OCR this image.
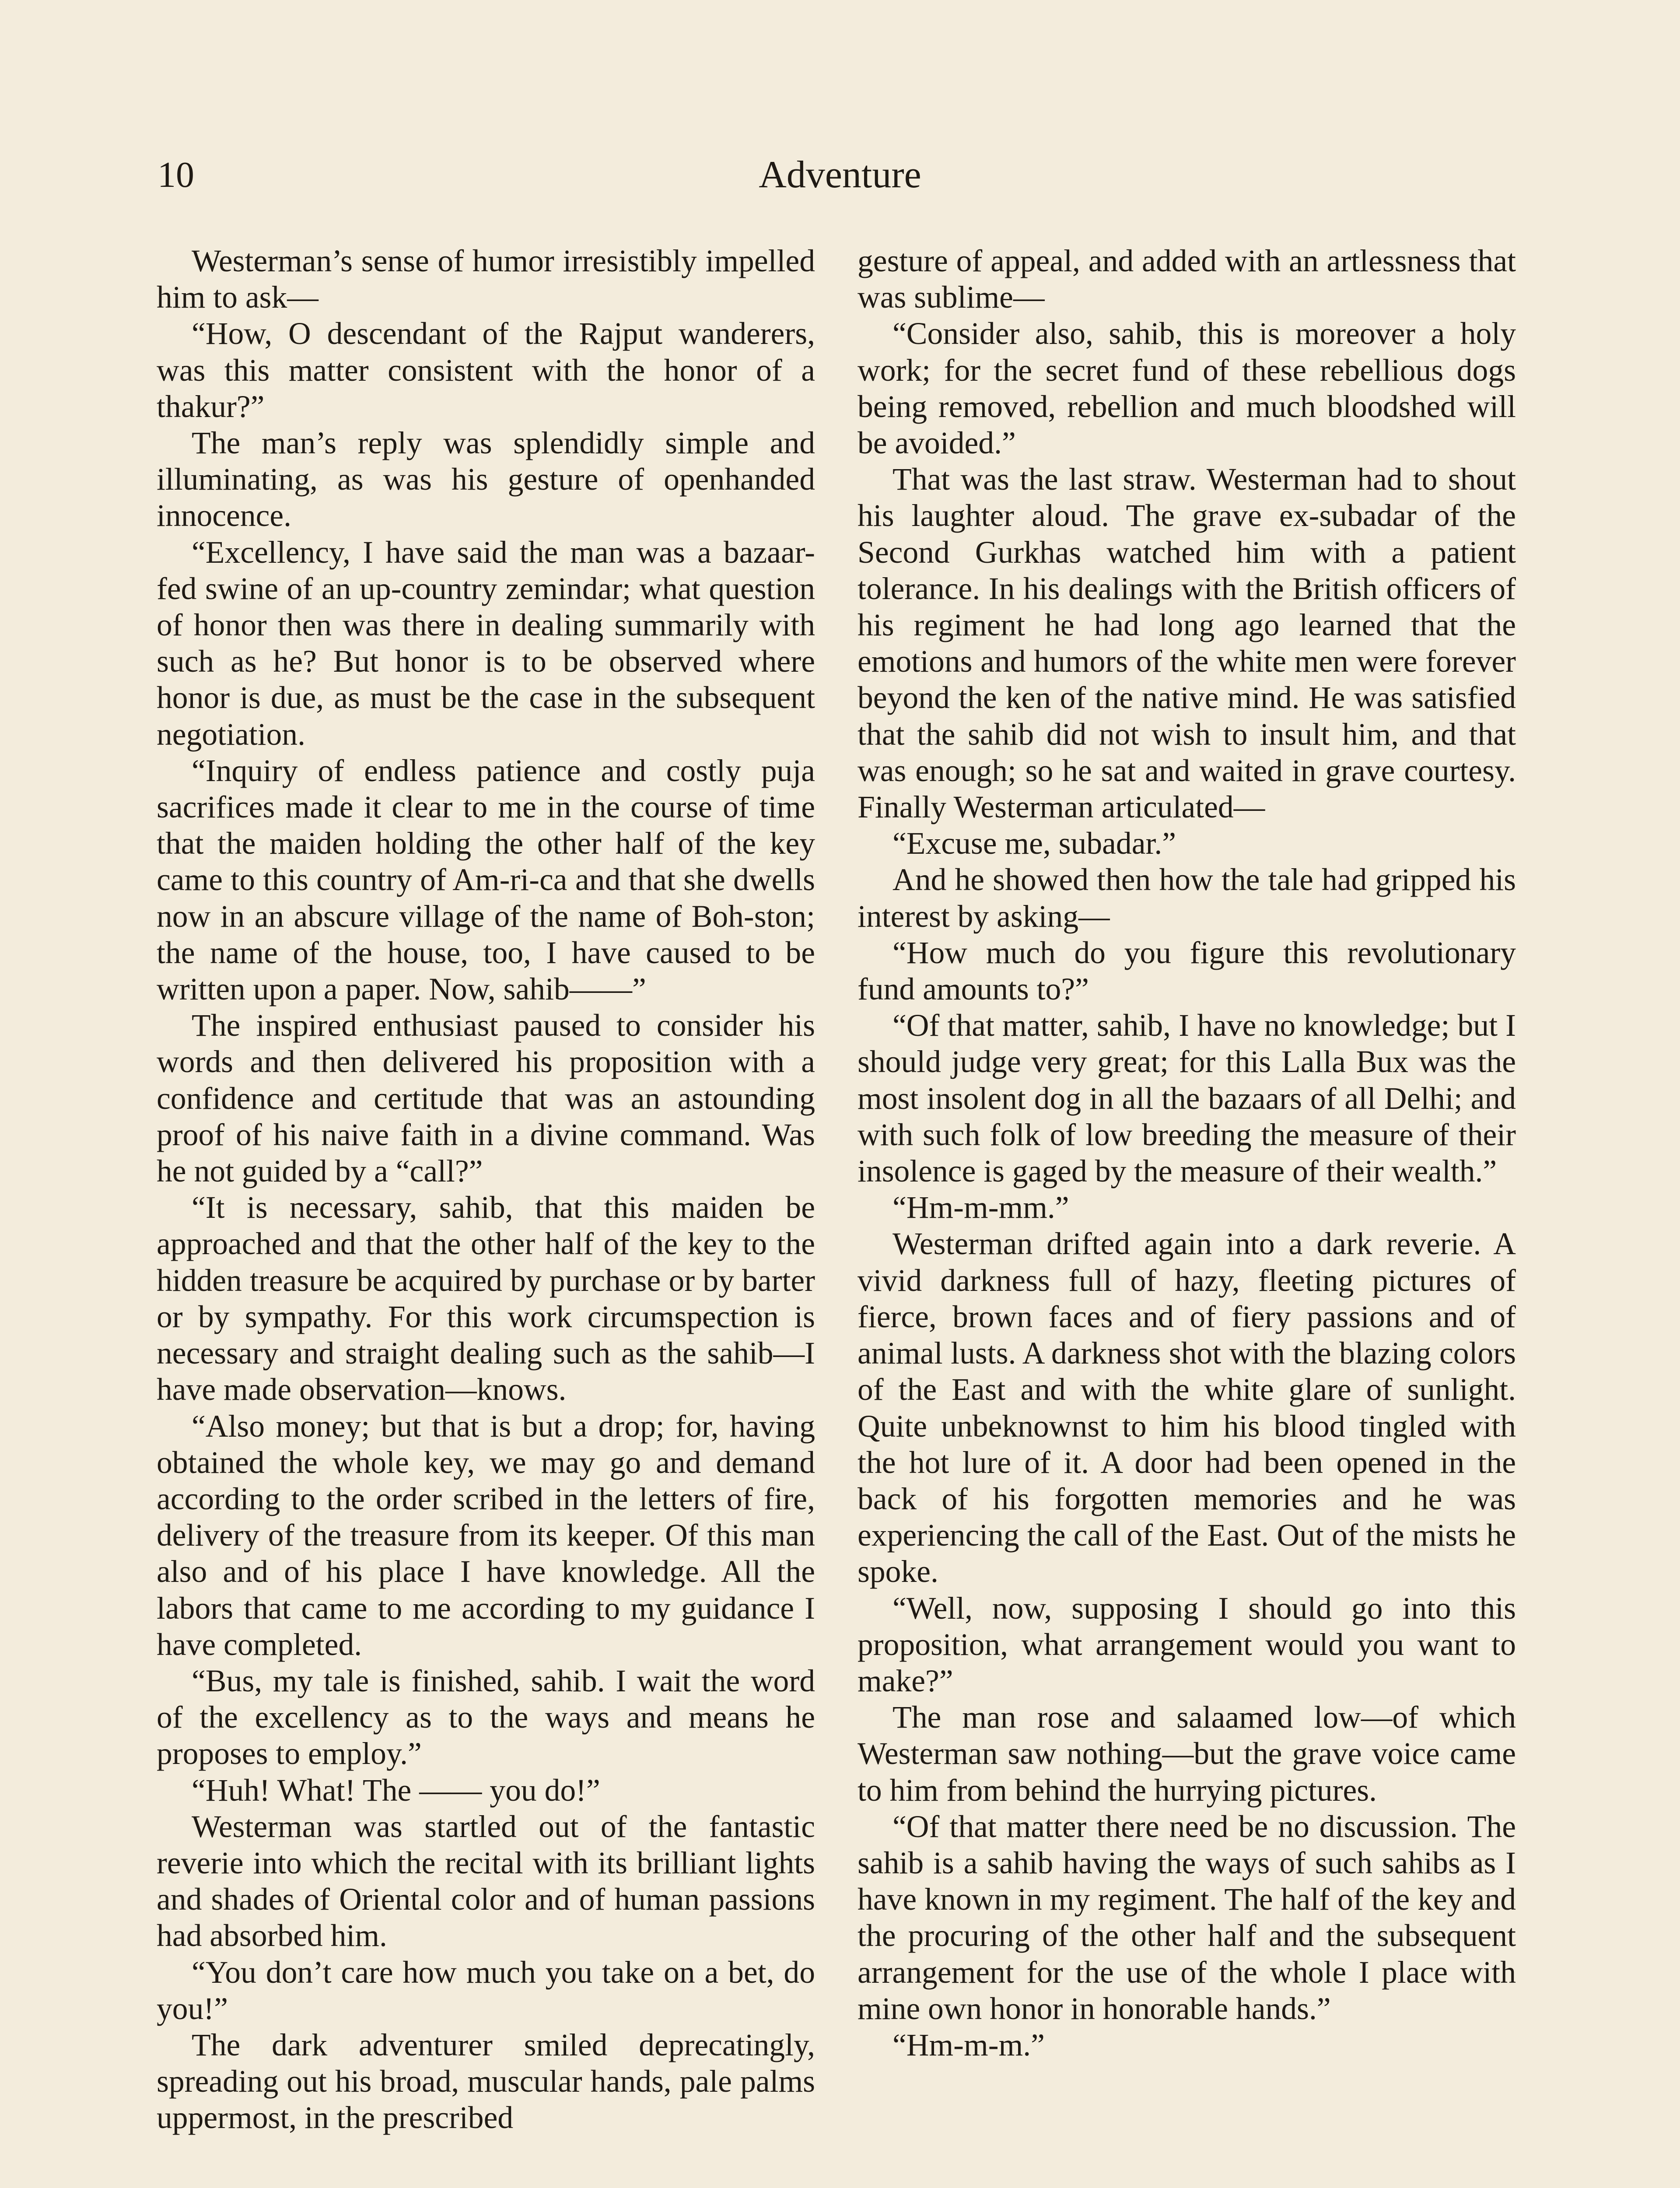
10	Adventure

Westerman’s sense of humor irresistibly impelled him to ask—

“How, O descendant of the Rajput wanderers, was this matter consistent with the honor of a thakur?”

The man’s reply was splendidly simple and illuminating, as was his gesture of openhanded innocence.

“Excellency, I have said the man was a bazaar-fed swine of an up-country zemindar; what question of honor then was there in dealing summarily with such as he? But honor is to be observed where honor is due, as must be the case in the subsequent negotiation.

“Inquiry of endless patience and costly puja sacrifices made it clear to me in the course of time that the maiden holding the other half of the key came to this country of Am-ri-ca and that she dwells now in an abscure village of the name of Boh-ston; the name of the house, too, I have caused to be written upon a paper. Now, sahib——”

The inspired enthusiast paused to consider his words and then delivered his proposition with a confidence and certitude that was an astounding proof of his naive faith in a divine command. Was he not guided by a “call?”

“It is necessary, sahib, that this maiden be approached and that the other half of the key to the hidden treasure be acquired by purchase or by barter or by sympathy. For this work circumspection is necessary and straight dealing such as the sahib—I have made observation—knows.

“Also money; but that is but a drop; for, having obtained the whole key, we may go and demand according to the order scribed in the letters of fire, delivery of the treasure from its keeper. Of this man also and of his place I have knowledge. All the labors that came to me according to my guidance I have completed.

“Bus, my tale is finished, sahib. I wait the word of the excellency as to the ways and means he proposes to employ.”

“Huh! What! The —— you do!”

Westerman was startled out of the fantastic reverie into which the recital with its brilliant lights and shades of Oriental color and of human passions had absorbed him.

“You don’t care how much you take on a bet, do you!”

The dark adventurer smiled deprecatingly, spreading out his broad, muscular hands, pale palms uppermost, in the prescribed

gesture of appeal, and added with an artlessness that was sublime—

“Consider also, sahib, this is moreover a holy work; for the secret fund of these rebellious dogs being removed, rebellion and much bloodshed will be avoided.”

That was the last straw. Westerman had to shout his laughter aloud. The grave ex-subadar of the Second Gurkhas watched him with a patient tolerance. In his dealings with the British officers of his regiment he had long ago learned that the emotions and humors of the white men were forever beyond the ken of the native mind. He was satisfied that the sahib did not wish to insult him, and that was enough; so he sat and waited in grave courtesy. Finally Westerman articulated—

“Excuse me, subadar.”

And he showed then how the tale had gripped his interest by asking—

“How much do you figure this revolutionary fund amounts to?”

“Of that matter, sahib, I have no knowledge; but I should judge very great; for this Lalla Bux was the most insolent dog in all the bazaars of all Delhi; and with such folk of low breeding the measure of their insolence is gaged by the measure of their wealth.”

“Hm-m-mm.”

Westerman drifted again into a dark reverie. A vivid darkness full of hazy, fleeting pictures of fierce, brown faces and of fiery passions and of animal lusts. A darkness shot with the blazing colors of the East and with the white glare of sunlight. Quite unbeknownst to him his blood tingled with the hot lure of it. A door had been opened in the back of his forgotten memories and he was experiencing the call of the East. Out of the mists he spoke.

“Well, now, supposing I should go into this proposition, what arrangement would you want to make?”

The man rose and salaamed low—of which Westerman saw nothing—but the grave voice came to him from behind the hurrying pictures.

“Of that matter there need be no discussion. The sahib is a sahib having the ways of such sahibs as I have known in my regiment. The half of the key and the procuring of the other half and the subsequent arrangement for the use of the whole I place with mine own honor in honorable hands.”

“Hm-m-m.”
